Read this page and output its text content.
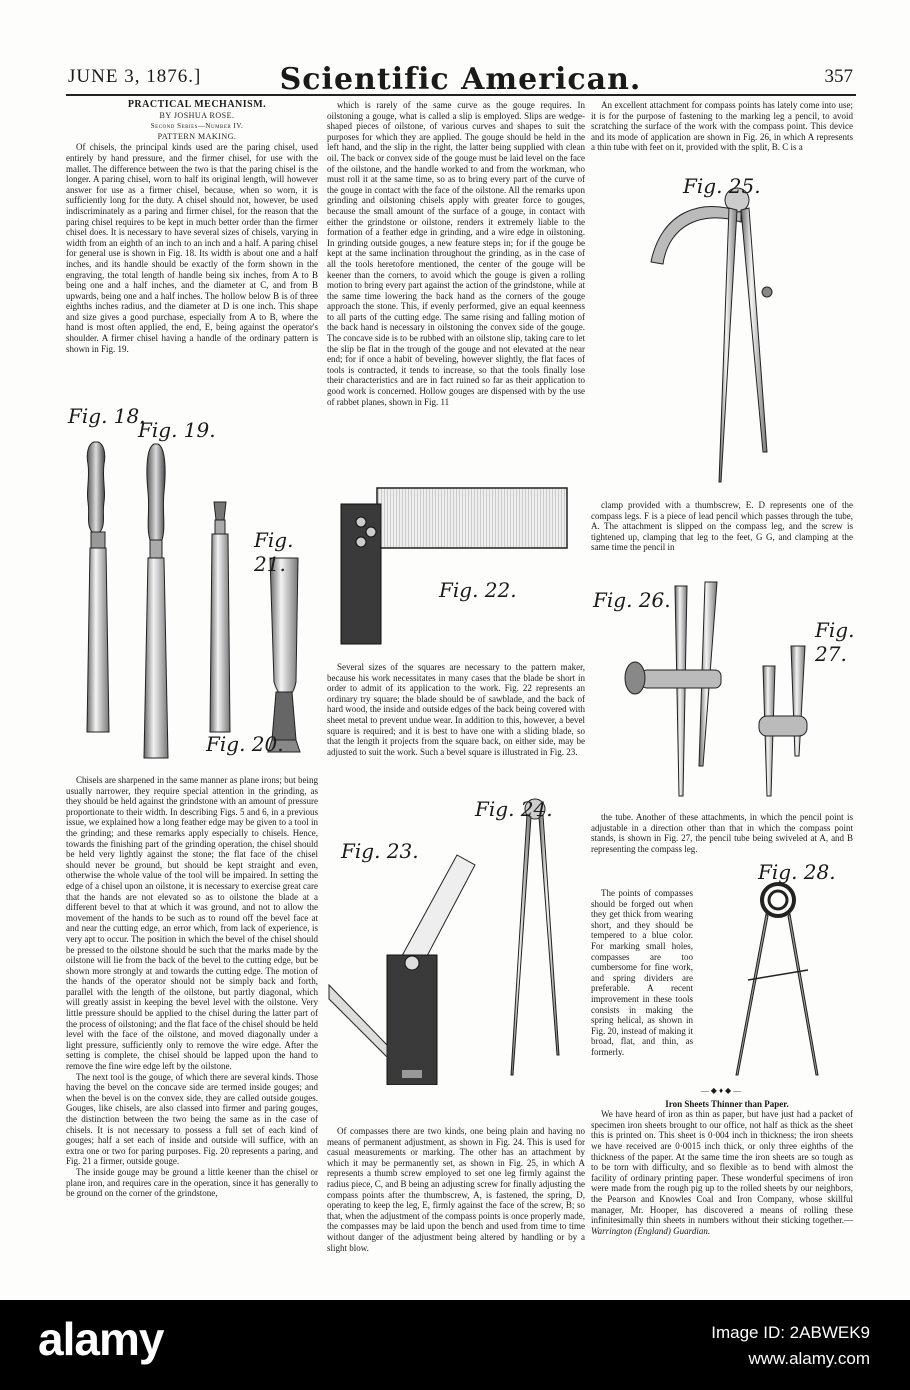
JUNE 3, 1876.]	Scientific American.	357

PRACTICAL MECHANISM.

BY JOSHUA ROSE.

Second Series—Number IV.

PATTERN MAKING.

Of chisels, the principal kinds used are the paring chisel, used entirely by hand pressure, and the firmer chisel, for use with the mallet. The difference between the two is that the paring chisel is the longer. A paring chisel, worn to half its original length, will however answer for use as a firmer chisel, because, when so worn, it is sufficiently long for the duty. A chisel should not, however, be used indiscriminately as a paring and firmer chisel, for the reason that the paring chisel requires to be kept in much better order than the firmer chisel does. It is necessary to have several sizes of chisels, varying in width from an eighth of an inch to an inch and a half. A paring chisel for general use is shown in Fig. 18. Its width is about one and a half inches, and its handle should be exactly of the form shown in the engraving, the total length of handle being six inches, from A to B being one and a half inches, and the diameter at C, and from B upwards, being one and a half inches. The hollow below B is of three eighths inches radius, and the diameter at D is one inch. This shape and size gives a good purchase, especially from A to B, where the hand is most often applied, the end, E, being against the operator's shoulder. A firmer chisel having a handle of the ordinary pattern is shown in Fig. 19.

Fig. 18.
Fig. 19.
Fig. 21.
Fig. 20.

Chisels are sharpened in the same manner as plane irons; but being usually narrower, they require special attention in the grinding, as they should be held against the grindstone with an amount of pressure proportionate to their width. In describing Figs. 5 and 6, in a previous issue, we explained how a long feather edge may be given to a tool in the grinding; and these remarks apply especially to chisels. Hence, towards the finishing part of the grinding operation, the chisel should be held very lightly against the stone; the flat face of the chisel should never be ground, but should be kept straight and even, otherwise the whole value of the tool will be impaired. In setting the edge of a chisel upon an oilstone, it is necessary to exercise great care that the hands are not elevated so as to oilstone the blade at a different bevel to that at which it was ground, and not to allow the movement of the hands to be such as to round off the bevel face at and near the cutting edge, an error which, from lack of experience, is very apt to occur. The position in which the bevel of the chisel should be pressed to the oilstone should be such that the marks made by the oilstone will lie from the back of the bevel to the cutting edge, but be shown more strongly at and towards the cutting edge. The motion of the hands of the operator should not be simply back and forth, parallel with the length of the oilstone, but partly diagonal, which will greatly assist in keeping the bevel level with the oilstone. Very little pressure should be applied to the chisel during the latter part of the process of oilstoning; and the flat face of the chisel should be held level with the face of the oilstone, and moved diagonally under a light pressure, sufficiently only to remove the wire edge. After the setting is complete, the chisel should be lapped upon the hand to remove the fine wire edge left by the oilstone.

The next tool is the gouge, of which there are several kinds. Those having the bevel on the concave side are termed inside gouges; and when the bevel is on the convex side, they are called outside gouges. Gouges, like chisels, are also classed into firmer and paring gouges, the distinction between the two being the same as in the case of chisels. It is not necessary to possess a full set of each kind of gouges; half a set each of inside and outside will suffice, with an extra one or two for paring purposes. Fig. 20 represents a paring, and Fig. 21 a firmer, outside gouge.

The inside gouge may be ground a little keener than the chisel or plane iron, and requires care in the operation, since it has generally to be ground on the corner of the grindstone,

which is rarely of the same curve as the gouge requires. In oilstoning a gouge, what is called a slip is employed. Slips are wedge-shaped pieces of oilstone, of various curves and shapes to suit the purposes for which they are applied. The gouge should be held in the left hand, and the slip in the right, the latter being supplied with clean oil. The back or convex side of the gouge must be laid level on the face of the oilstone, and the handle worked to and from the workman, who must roll it at the same time, so as to bring every part of the curve of the gouge in contact with the face of the oilstone. All the remarks upon grinding and oilstoning chisels apply with greater force to gouges, because the small amount of the surface of a gouge, in contact with either the grindstone or oilstone, renders it extremely liable to the formation of a feather edge in grinding, and a wire edge in oilstoning. In grinding outside gouges, a new feature steps in; for if the gouge be kept at the same inclination throughout the grinding, as in the case of all the tools heretofore mentioned, the center of the gouge will be keener than the corners, to avoid which the gouge is given a rolling motion to bring every part against the action of the grindstone, while at the same time lowering the back hand as the corners of the gouge approach the stone. This, if evenly performed, give an equal keenness to all parts of the cutting edge. The same rising and falling motion of the back hand is necessary in oilstoning the convex side of the gouge. The concave side is to be rubbed with an oilstone slip, taking care to let the slip be flat in the trough of the gouge and not elevated at the near end; for if once a habit of beveling, however slightly, the flat faces of tools is contracted, it tends to increase, so that the tools finally lose their characteristics and are in fact ruined so far as their application to good work is concerned. Hollow gouges are dispensed with by the use of rabbet planes, shown in Fig. 11

Fig. 22.

Several sizes of the squares are necessary to the pattern maker, because his work necessitates in many cases that the blade be short in order to admit of its application to the work. Fig. 22 represents an ordinary try square; the blade should be of sawblade, and the back of hard wood, the inside and outside edges of the back being covered with sheet metal to prevent undue wear. In addition to this, however, a bevel square is required; and it is best to have one with a sliding blade, so that the length it projects from the square back, on either side, may be adjusted to suit the work. Such a bevel square is illustrated in Fig. 23.

Fig. 23.
Fig. 24.

Of compasses there are two kinds, one being plain and having no means of permanent adjustment, as shown in Fig. 24. This is used for casual measurements or marking. The other has an attachment by which it may be permanently set, as shown in Fig. 25, in which A represents a thumb screw employed to set one leg firmly against the radius piece, C, and B being an adjusting screw for finally adjusting the compass points after the thumbscrew, A, is fastened, the spring, D, operating to keep the leg, E, firmly against the face of the screw, B; so that, when the adjustment of the compass points is once properly made, the compasses may be laid upon the bench and used from time to time without danger of the adjustment being altered by handling or by a slight blow.

An excellent attachment for compass points has lately come into use; it is for the purpose of fastening to the marking leg a pencil, to avoid scratching the surface of the work with the compass point. This device and its mode of application are shown in Fig. 26, in which A represents a thin tube with feet on it, provided with the split, B. C is a

Fig. 25.

clamp provided with a thumbscrew, E. D represents one of the compass legs. F is a piece of lead pencil which passes through the tube, A. The attachment is slipped on the compass leg, and the screw is tightened up, clamping that leg to the feet, G G, and clamping at the same time the pencil in

Fig. 26.
Fig. 27.

the tube. Another of these attachments, in which the pencil point is adjustable in a direction other than that in which the compass point stands, is shown in Fig. 27, the pencil tube being swiveled at A, and B representing the compass leg.

The points of compasses should be forged out when they get thick from wearing short, and they should be tempered to a blue color. For marking small holes, compasses are too cumbersome for fine work, and spring dividers are preferable. A recent improvement in these tools consists in making the spring helical, as shown in Fig. 20, instead of making it broad, flat, and thin, as formerly.

Fig. 28.
—◆♦◆—

Iron Sheets Thinner than Paper.

We have heard of iron as thin as paper, but have just had a packet of specimen iron sheets brought to our office, not half as thick as the sheet this is printed on. This sheet is 0·004 inch in thickness; the iron sheets we have received are 0·0015 inch thick, or only three eighths of the thickness of the paper. At the same time the iron sheets are so tough as to be torn with difficulty, and so flexible as to bend with almost the facility of ordinary printing paper. These wonderful specimens of iron were made from the rough pig up to the rolled sheets by our neighbors, the Pearson and Knowles Coal and Iron Company, whose skillful manager, Mr. Hooper, has discovered a means of rolling these infinitesimally thin sheets in numbers without their sticking together.—Warrington (England) Guardian.

alamy	Image ID: 2ABWEK9
www.alamy.com
